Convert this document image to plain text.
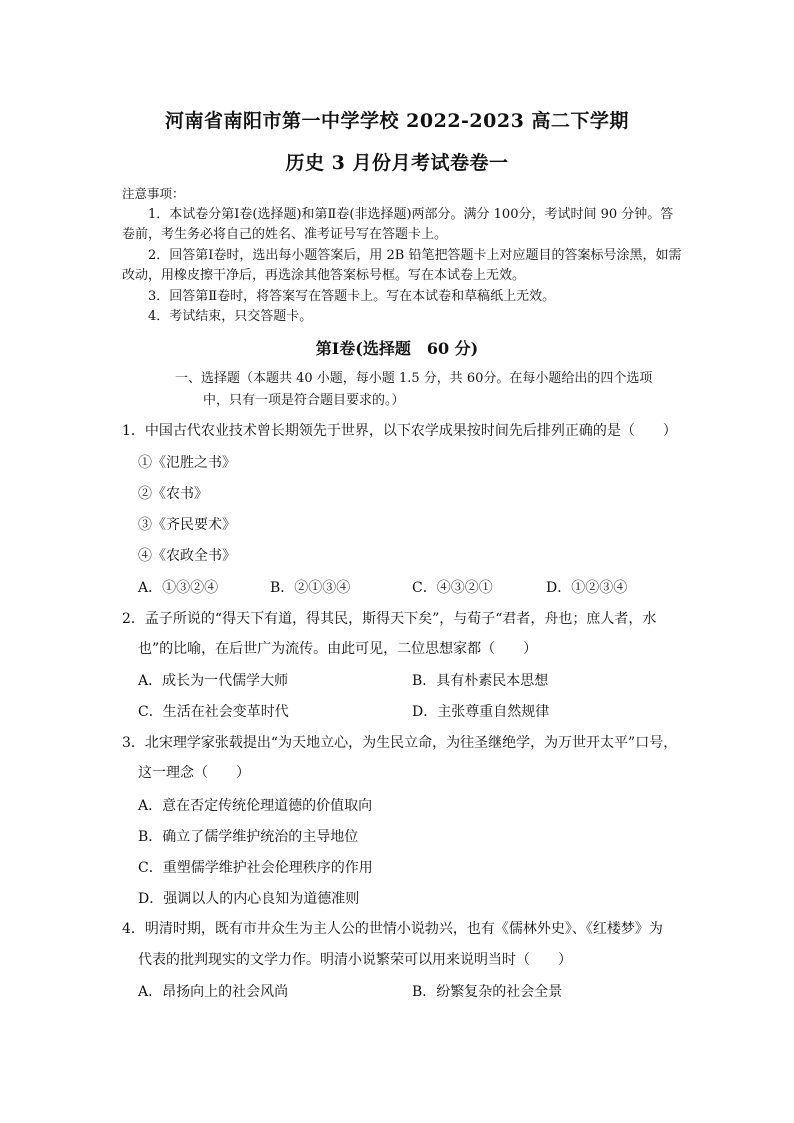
河南省南阳市第一中学学校 2022-2023 高二下学期
历史 3 月份月考试卷卷一
注意事项：

1．本试卷分第Ⅰ卷(选择题)和第Ⅱ卷(非选择题)两部分。满分 100分，考试时间 90 分钟。答卷前，考生务必将自己的姓名、准考证号写在答题卡上。

2．回答第Ⅰ卷时，选出每小题答案后，用 2B 铅笔把答题卡上对应题目的答案标号涂黑，如需改动，用橡皮擦干净后，再选涂其他答案标号框。写在本试卷上无效。

3．回答第Ⅱ卷时，将答案写在答题卡上。写在本试卷和草稿纸上无效。

4．考试结束，只交答题卡。

第Ⅰ卷(选择题　60 分)
一、选择题（本题共 40 小题，每小题 1.5 分，共 60分。在每小题给出的四个选项
中，只有一项是符合题目要求的。）
1．中国古代农业技术曾长期领先于世界，以下农学成果按时间先后排列正确的是（　　）
①《氾胜之书》
②《农书》
③《齐民要术》
④《农政全书》
A．①③②④	B．②①③④	C．④③②①	D．①②③④
2．孟子所说的“得天下有道，得其民，斯得天下矣”，与荀子“君者，舟也；庶人者，水
也”的比喻，在后世广为流传。由此可见，二位思想家都（　　）
A．成长为一代儒学大师	B．具有朴素民本思想
C．生活在社会变革时代	D．主张尊重自然规律
3．北宋理学家张载提出“为天地立心，为生民立命，为往圣继绝学，为万世开太平”口号，
这一理念（　　）
A．意在否定传统伦理道德的价值取向
B．确立了儒学维护统治的主导地位
C．重塑儒学维护社会伦理秩序的作用
D．强调以人的内心良知为道德准则
4．明清时期，既有市井众生为主人公的世情小说勃兴，也有《儒林外史》、《红楼梦》为
代表的批判现实的文学力作。明清小说繁荣可以用来说明当时（　　）
A．昂扬向上的社会风尚	B．纷繁复杂的社会全景
